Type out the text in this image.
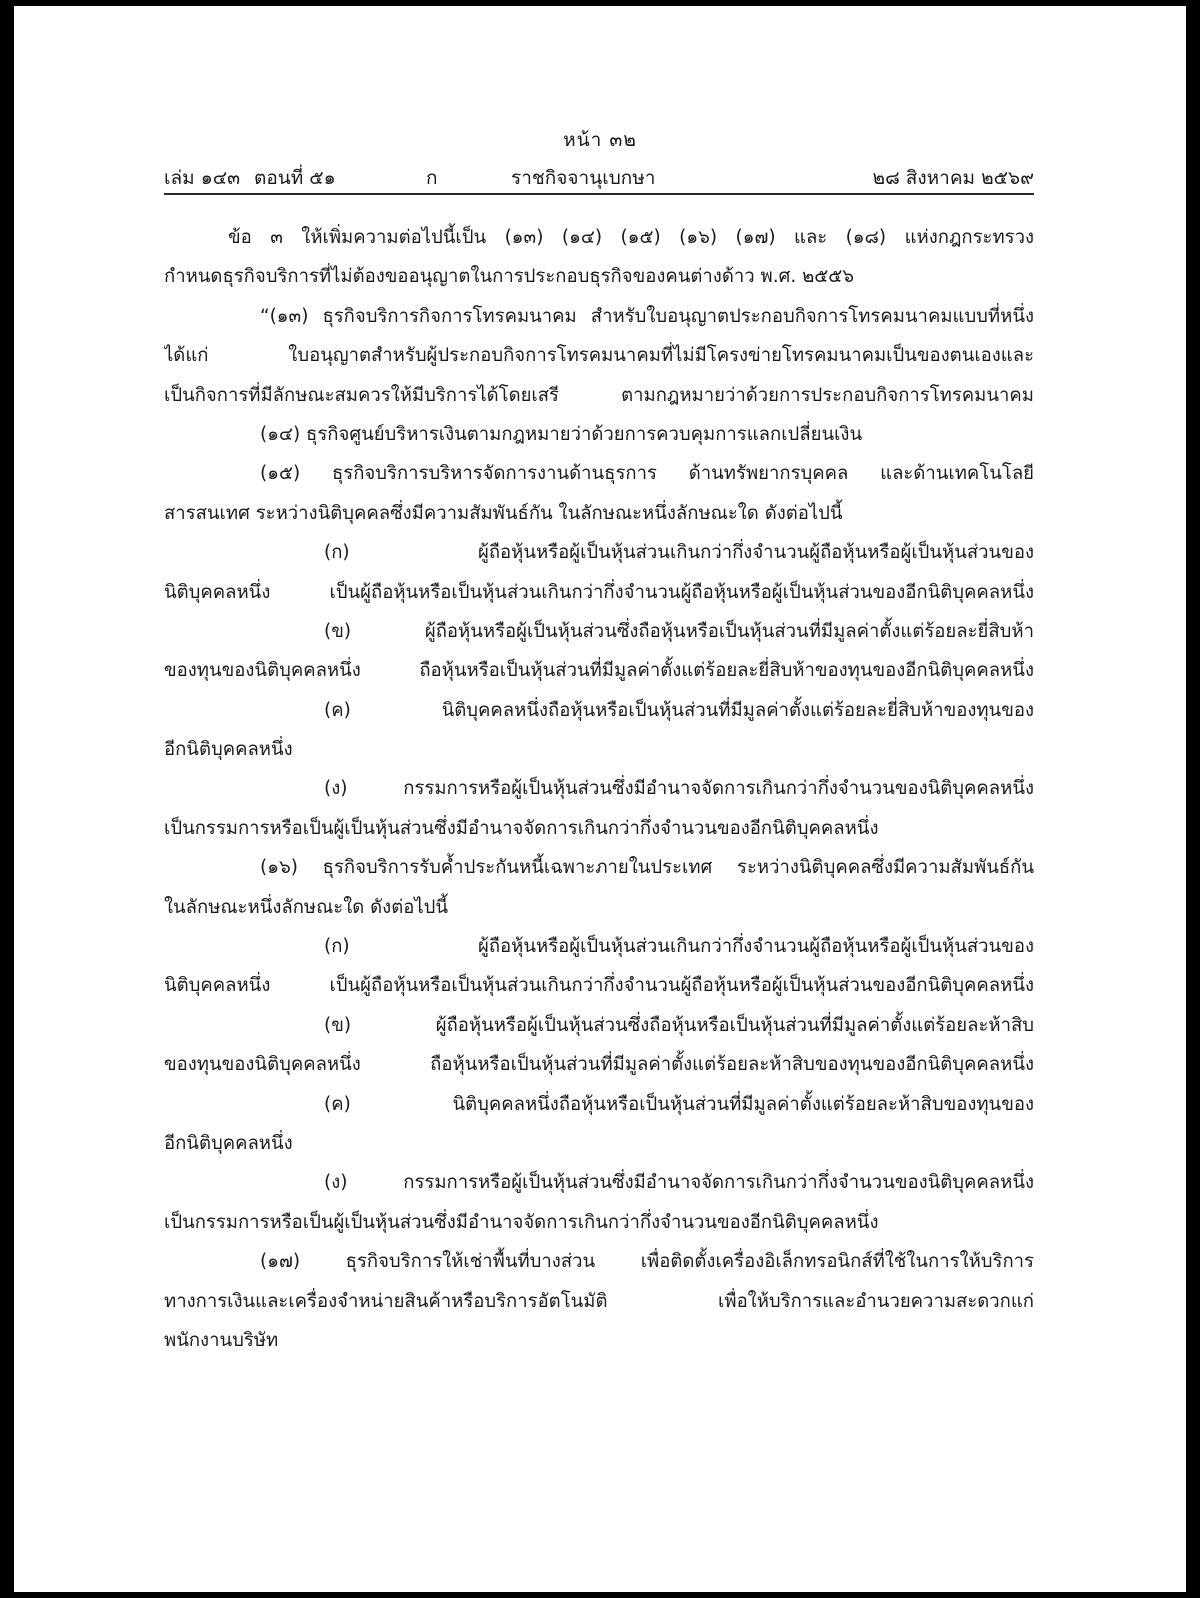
หน้า ๓๒
เล่ม ๑๔๓ ตอนที่ ๕๑	ก	ราชกิจจานุเบกษา	๒๘ สิงหาคม ๒๕๖๙
ข้อ ๓ ให้เพิ่มความต่อไปนี้เป็น (๑๓) (๑๔) (๑๕) (๑๖) (๑๗) และ (๑๘) แห่งกฎกระทรวง
กำหนดธุรกิจบริการที่ไม่ต้องขออนุญาตในการประกอบธุรกิจของคนต่างด้าว พ.ศ. ๒๕๕๖
“(๑๓) ธุรกิจบริการกิจการโทรคมนาคม สำหรับใบอนุญาตประกอบกิจการโทรคมนาคมแบบที่หนึ่ง
ได้แก่ ใบอนุญาตสำหรับผู้ประกอบกิจการโทรคมนาคมที่ไม่มีโครงข่ายโทรคมนาคมเป็นของตนเองและ
เป็นกิจการที่มีลักษณะสมควรให้มีบริการได้โดยเสรี ตามกฎหมายว่าด้วยการประกอบกิจการโทรคมนาคม
(๑๔) ธุรกิจศูนย์บริหารเงินตามกฎหมายว่าด้วยการควบคุมการแลกเปลี่ยนเงิน
(๑๕) ธุรกิจบริการบริหารจัดการงานด้านธุรการ ด้านทรัพยากรบุคคล และด้านเทคโนโลยี
สารสนเทศ ระหว่างนิติบุคคลซึ่งมีความสัมพันธ์กัน ในลักษณะหนึ่งลักษณะใด ดังต่อไปนี้
(ก) ผู้ถือหุ้นหรือผู้เป็นหุ้นส่วนเกินกว่ากึ่งจำนวนผู้ถือหุ้นหรือผู้เป็นหุ้นส่วนของ
นิติบุคคลหนึ่ง เป็นผู้ถือหุ้นหรือเป็นหุ้นส่วนเกินกว่ากึ่งจำนวนผู้ถือหุ้นหรือผู้เป็นหุ้นส่วนของอีกนิติบุคคลหนึ่ง
(ข) ผู้ถือหุ้นหรือผู้เป็นหุ้นส่วนซึ่งถือหุ้นหรือเป็นหุ้นส่วนที่มีมูลค่าตั้งแต่ร้อยละยี่สิบห้า
ของทุนของนิติบุคคลหนึ่ง ถือหุ้นหรือเป็นหุ้นส่วนที่มีมูลค่าตั้งแต่ร้อยละยี่สิบห้าของทุนของอีกนิติบุคคลหนึ่ง
(ค) นิติบุคคลหนึ่งถือหุ้นหรือเป็นหุ้นส่วนที่มีมูลค่าตั้งแต่ร้อยละยี่สิบห้าของทุนของ
อีกนิติบุคคลหนึ่ง
(ง) กรรมการหรือผู้เป็นหุ้นส่วนซึ่งมีอำนาจจัดการเกินกว่ากึ่งจำนวนของนิติบุคคลหนึ่ง
เป็นกรรมการหรือเป็นผู้เป็นหุ้นส่วนซึ่งมีอำนาจจัดการเกินกว่ากึ่งจำนวนของอีกนิติบุคคลหนึ่ง
(๑๖) ธุรกิจบริการรับค้ำประกันหนี้เฉพาะภายในประเทศ ระหว่างนิติบุคคลซึ่งมีความสัมพันธ์กัน
ในลักษณะหนึ่งลักษณะใด ดังต่อไปนี้
(ก) ผู้ถือหุ้นหรือผู้เป็นหุ้นส่วนเกินกว่ากึ่งจำนวนผู้ถือหุ้นหรือผู้เป็นหุ้นส่วนของ
นิติบุคคลหนึ่ง เป็นผู้ถือหุ้นหรือเป็นหุ้นส่วนเกินกว่ากึ่งจำนวนผู้ถือหุ้นหรือผู้เป็นหุ้นส่วนของอีกนิติบุคคลหนึ่ง
(ข) ผู้ถือหุ้นหรือผู้เป็นหุ้นส่วนซึ่งถือหุ้นหรือเป็นหุ้นส่วนที่มีมูลค่าตั้งแต่ร้อยละห้าสิบ
ของทุนของนิติบุคคลหนึ่ง ถือหุ้นหรือเป็นหุ้นส่วนที่มีมูลค่าตั้งแต่ร้อยละห้าสิบของทุนของอีกนิติบุคคลหนึ่ง
(ค) นิติบุคคลหนึ่งถือหุ้นหรือเป็นหุ้นส่วนที่มีมูลค่าตั้งแต่ร้อยละห้าสิบของทุนของ
อีกนิติบุคคลหนึ่ง
(ง) กรรมการหรือผู้เป็นหุ้นส่วนซึ่งมีอำนาจจัดการเกินกว่ากึ่งจำนวนของนิติบุคคลหนึ่ง
เป็นกรรมการหรือเป็นผู้เป็นหุ้นส่วนซึ่งมีอำนาจจัดการเกินกว่ากึ่งจำนวนของอีกนิติบุคคลหนึ่ง
(๑๗) ธุรกิจบริการให้เช่าพื้นที่บางส่วน เพื่อติดตั้งเครื่องอิเล็กทรอนิกส์ที่ใช้ในการให้บริการ
ทางการเงินและเครื่องจำหน่ายสินค้าหรือบริการอัตโนมัติ เพื่อให้บริการและอำนวยความสะดวกแก่
พนักงานบริษัท
